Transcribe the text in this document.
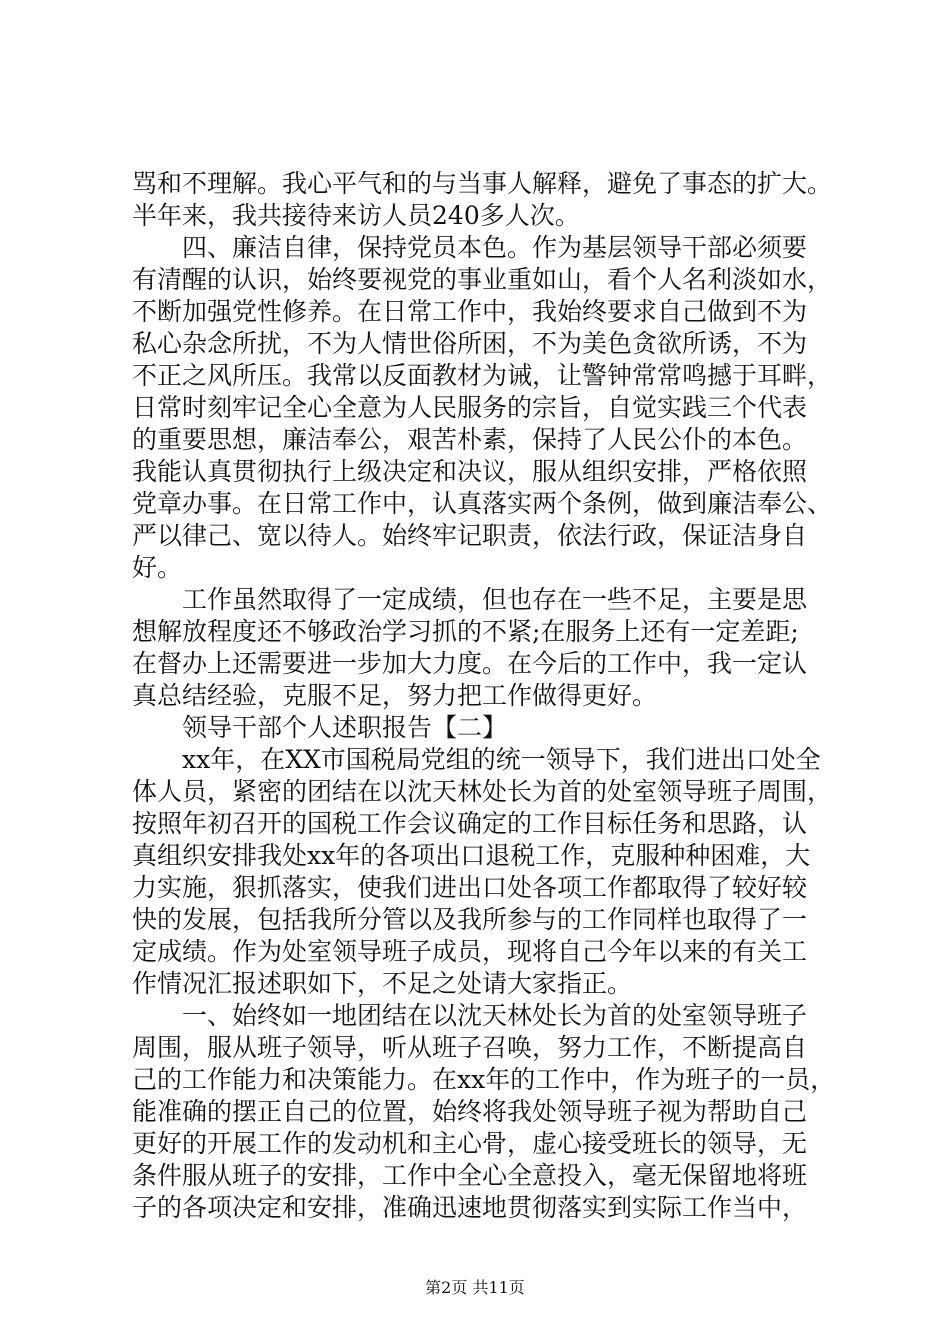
骂和不理解。我心平气和的与当事人解释，避免了事态的扩大。
半年来，我共接待来访人员240多人次。
四、廉洁自律，保持党员本色。作为基层领导干部必须要
有清醒的认识，始终要视党的事业重如山，看个人名利淡如水，
不断加强党性修养。在日常工作中，我始终要求自己做到不为
私心杂念所扰，不为人情世俗所困，不为美色贪欲所诱，不为
不正之风所压。我常以反面教材为诫，让警钟常常鸣撼于耳畔，
日常时刻牢记全心全意为人民服务的宗旨，自觉实践三个代表
的重要思想，廉洁奉公，艰苦朴素，保持了人民公仆的本色。
我能认真贯彻执行上级决定和决议，服从组织安排，严格依照
党章办事。在日常工作中，认真落实两个条例，做到廉洁奉公、
严以律己、宽以待人。始终牢记职责，依法行政，保证洁身自
好。
工作虽然取得了一定成绩，但也存在一些不足，主要是思
想解放程度还不够政治学习抓的不紧;在服务上还有一定差距;
在督办上还需要进一步加大力度。在今后的工作中，我一定认
真总结经验，克服不足，努力把工作做得更好。
领导干部个人述职报告【二】
xx年，在XX市国税局党组的统一领导下，我们进出口处全
体人员，紧密的团结在以沈天林处长为首的处室领导班子周围，
按照年初召开的国税工作会议确定的工作目标任务和思路，认
真组织安排我处xx年的各项出口退税工作，克服种种困难，大
力实施，狠抓落实，使我们进出口处各项工作都取得了较好较
快的发展，包括我所分管以及我所参与的工作同样也取得了一
定成绩。作为处室领导班子成员，现将自己今年以来的有关工
作情况汇报述职如下，不足之处请大家指正。
一、始终如一地团结在以沈天林处长为首的处室领导班子
周围，服从班子领导，听从班子召唤，努力工作，不断提高自
己的工作能力和决策能力。在xx年的工作中，作为班子的一员，
能准确的摆正自己的位置，始终将我处领导班子视为帮助自己
更好的开展工作的发动机和主心骨，虚心接受班长的领导，无
条件服从班子的安排，工作中全心全意投入，毫无保留地将班
子的各项决定和安排，准确迅速地贯彻落实到实际工作当中，
第2页 共11页
